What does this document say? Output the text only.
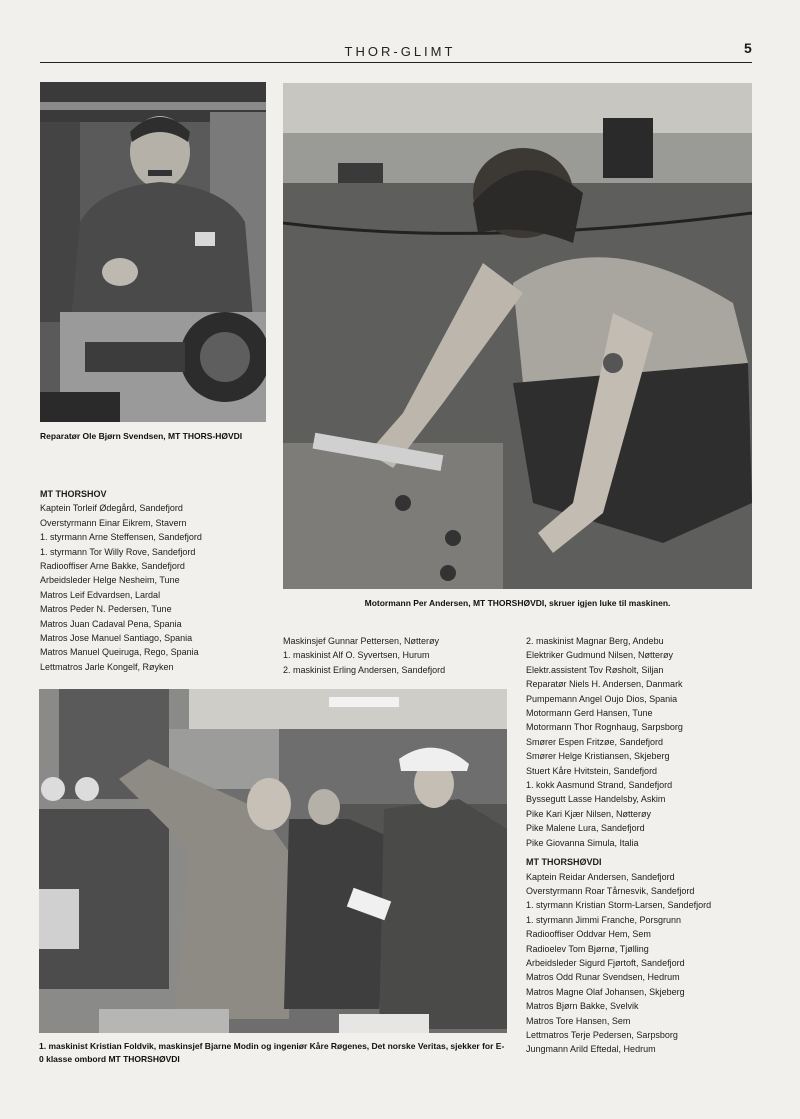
THOR-GLIMT	5
Reparatør Ole Bjørn Svendsen, MT THORS-HØVDI
Motormann Per Andersen, MT THORSHØVDI, skruer igjen luke til maskinen.
MT THORSHOV
Kaptein Torleif Ødegård, Sandefjord
Overstyrmann Einar Eikrem, Stavern
1. styrmann Arne Steffensen, Sandefjord
1. styrmann Tor Willy Rove, Sandefjord
Radiooffiser Arne Bakke, Sandefjord
Arbeidsleder Helge Nesheim, Tune
Matros Leif Edvardsen, Lardal
Matros Peder N. Pedersen, Tune
Matros Juan Cadaval Pena, Spania
Matros Jose Manuel Santiago, Spania
Matros Manuel Queiruga, Rego, Spania
Lettmatros Jarle Kongelf, Røyken
Maskinsjef Gunnar Pettersen, Nøtterøy
1. maskinist Alf O. Syvertsen, Hurum
2. maskinist Erling Andersen, Sandefjord
1. maskinist Kristian Foldvik, maskinsjef Bjarne Modin og ingeniør Kåre Røgenes, Det norske Veritas, sjekker for E-0 klasse ombord MT THORSHØVDI
2. maskinist Magnar Berg, Andebu
Elektriker Gudmund Nilsen, Nøtterøy
Elektr.assistent Tov Røsholt, Siljan
Reparatør Niels H. Andersen, Danmark
Pumpemann Angel Oujo Dios, Spania
Motormann Gerd Hansen, Tune
Motormann Thor Rognhaug, Sarpsborg
Smører Espen Fritzøe, Sandefjord
Smører Helge Kristiansen, Skjeberg
Stuert Kåre Hvitstein, Sandefjord
1. kokk Aasmund Strand, Sandefjord
Byssegutt Lasse Handelsby, Askim
Pike Kari Kjær Nilsen, Nøtterøy
Pike Malene Lura, Sandefjord
Pike Giovanna Simula, Italia
MT THORSHØVDI
Kaptein Reidar Andersen, Sandefjord
Overstyrmann Roar Tårnesvik, Sandefjord
1. styrmann Kristian Storm-Larsen, Sandefjord
1. styrmann Jimmi Franche, Porsgrunn
Radiooffiser Oddvar Hem, Sem
Radioelev Tom Bjørnø, Tjølling
Arbeidsleder Sigurd Fjørtoft, Sandefjord
Matros Odd Runar Svendsen, Hedrum
Matros Magne Olaf Johansen, Skjeberg
Matros Bjørn Bakke, Svelvik
Matros Tore Hansen, Sem
Lettmatros Terje Pedersen, Sarpsborg
Jungmann Arild Eftedal, Hedrum
